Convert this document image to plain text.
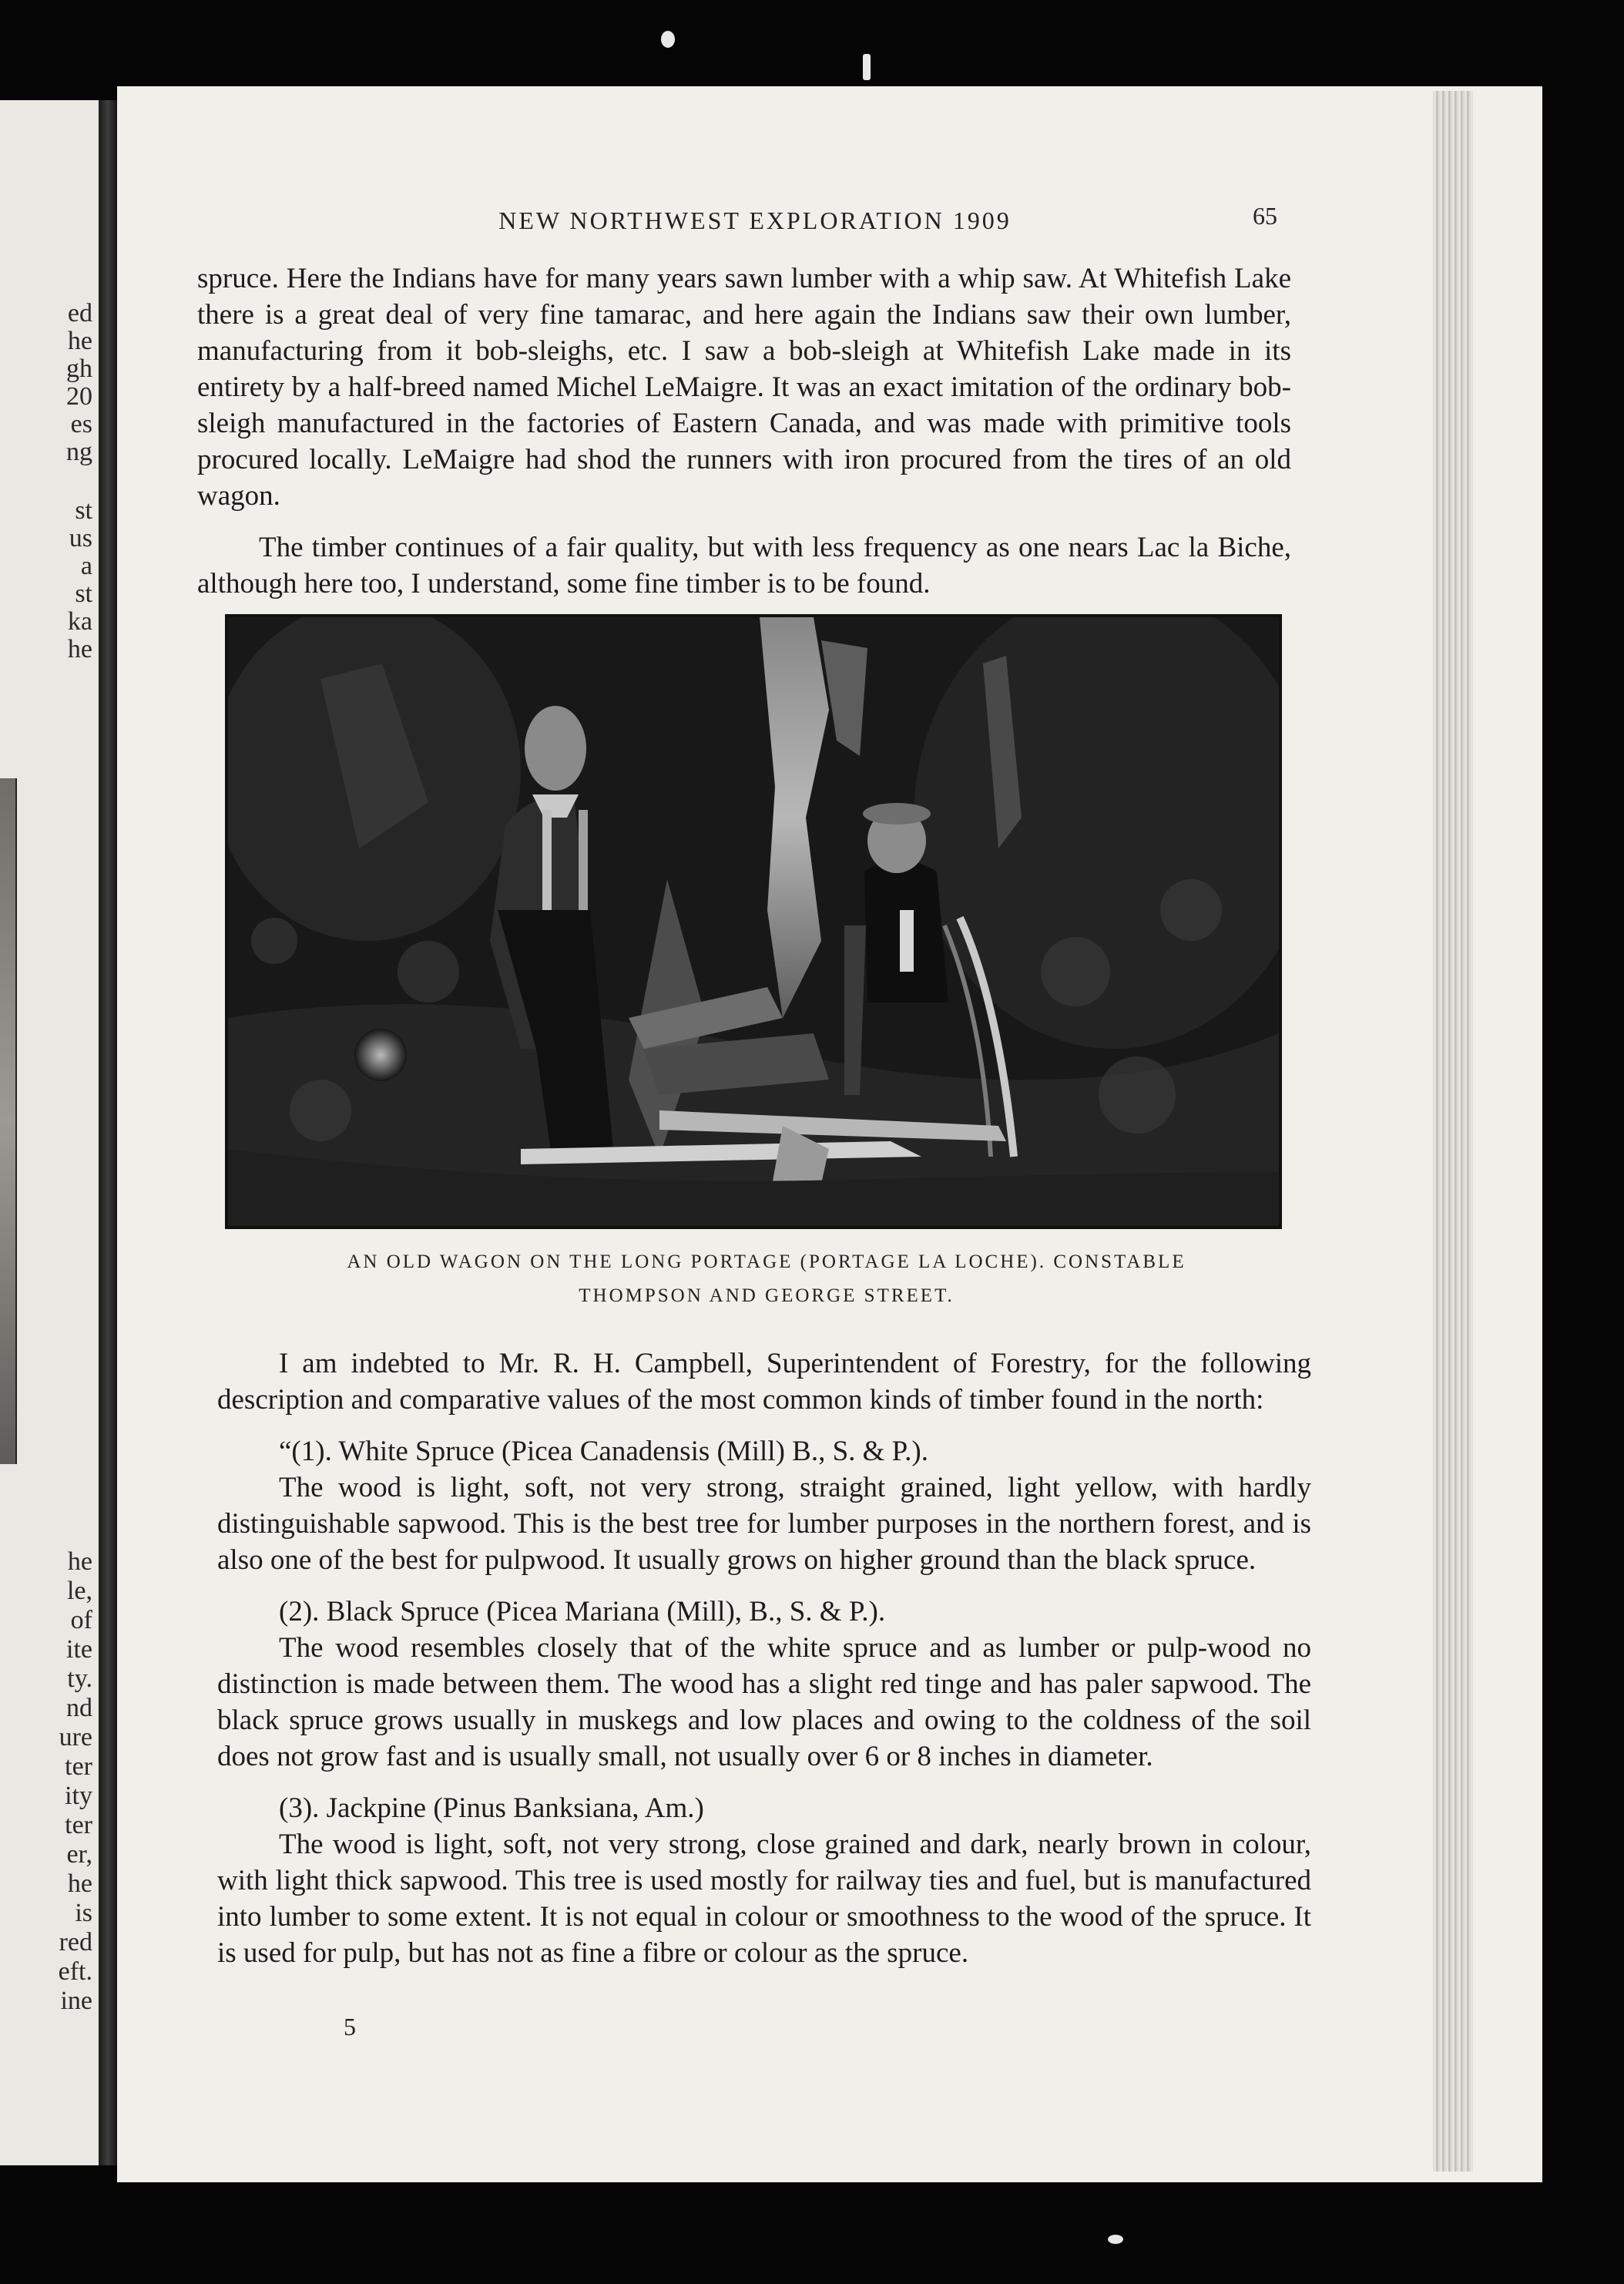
ed
he
gh
20
es
ng
st
us
a
st
ka
he
he
le,
of
ite
ty.
nd
ure
ter
ity
ter
er,
he
is
red
eft.
ine
NEW NORTHWEST EXPLORATION 1909	65

spruce. Here the Indians have for many years sawn lumber with a whip saw. At Whitefish Lake there is a great deal of very fine tamarac, and here again the Indians saw their own lumber, manufacturing from it bob-sleighs, etc. I saw a bob-sleigh at Whitefish Lake made in its entirety by a half-breed named Michel LeMaigre. It was an exact imitation of the ordinary bob-sleigh manufactured in the factories of Eastern Canada, and was made with primitive tools procured locally. LeMaigre had shod the runners with iron procured from the tires of an old wagon.

The timber continues of a fair quality, but with less frequency as one nears Lac la Biche, although here too, I understand, some fine timber is to be found.

AN OLD WAGON ON THE LONG PORTAGE (PORTAGE LA LOCHE). CONSTABLE
THOMPSON AND GEORGE STREET.

I am indebted to Mr. R. H. Campbell, Superintendent of Forestry, for the following description and comparative values of the most common kinds of timber found in the north:

“(1). White Spruce (Picea Canadensis (Mill) B., S. & P.).

The wood is light, soft, not very strong, straight grained, light yellow, with hardly distinguishable sapwood. This is the best tree for lumber purposes in the northern forest, and is also one of the best for pulpwood. It usually grows on higher ground than the black spruce.

(2). Black Spruce (Picea Mariana (Mill), B., S. & P.).

The wood resembles closely that of the white spruce and as lumber or pulp-wood no distinction is made between them. The wood has a slight red tinge and has paler sapwood. The black spruce grows usually in muskegs and low places and owing to the coldness of the soil does not grow fast and is usually small, not usually over 6 or 8 inches in diameter.

(3). Jackpine (Pinus Banksiana, Am.)

The wood is light, soft, not very strong, close grained and dark, nearly brown in colour, with light thick sapwood. This tree is used mostly for railway ties and fuel, but is manufactured into lumber to some extent. It is not equal in colour or smoothness to the wood of the spruce. It is used for pulp, but has not as fine a fibre or colour as the spruce.

5
